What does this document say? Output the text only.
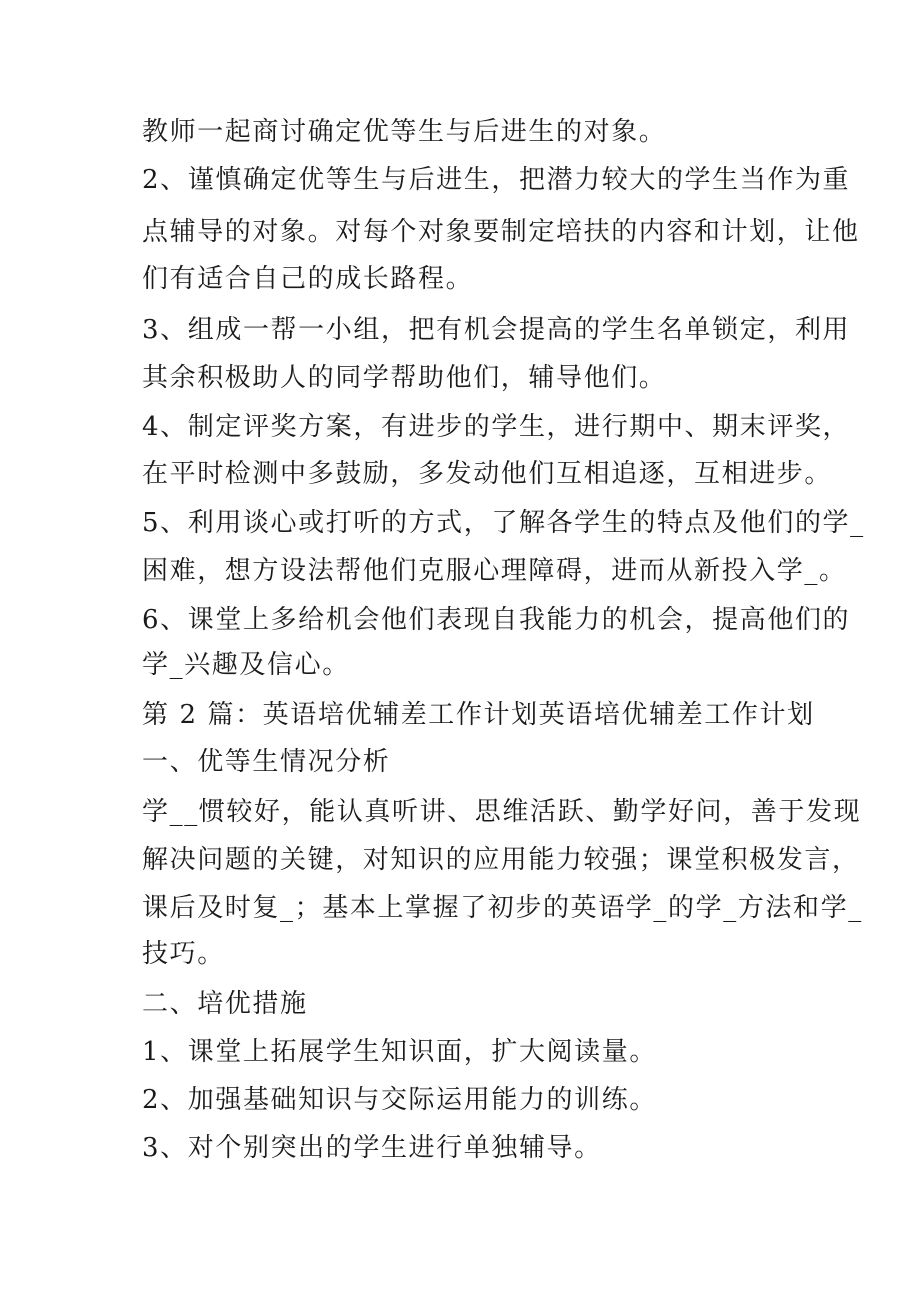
教师一起商讨确定优等生与后进生的对象。
2、谨慎确定优等生与后进生，把潜力较大的学生当作为重
点辅导的对象。对每个对象要制定培扶的内容和计划，让他
们有适合自己的成长路程。
3、组成一帮一小组，把有机会提高的学生名单锁定，利用
其余积极助人的同学帮助他们，辅导他们。
4、制定评奖方案，有进步的学生，进行期中、期末评奖，
在平时检测中多鼓励，多发动他们互相追逐，互相进步。
5、利用谈心或打听的方式，了解各学生的特点及他们的学_
困难，想方设法帮他们克服心理障碍，进而从新投入学_。
6、课堂上多给机会他们表现自我能力的机会，提高他们的
学_兴趣及信心。
第 2 篇：英语培优辅差工作计划英语培优辅差工作计划
一、优等生情况分析
学__惯较好，能认真听讲、思维活跃、勤学好问，善于发现
解决问题的关键，对知识的应用能力较强；课堂积极发言，
课后及时复_；基本上掌握了初步的英语学_的学_方法和学_
技巧。
二、培优措施
1、课堂上拓展学生知识面，扩大阅读量。
2、加强基础知识与交际运用能力的训练。
3、对个别突出的学生进行单独辅导。
